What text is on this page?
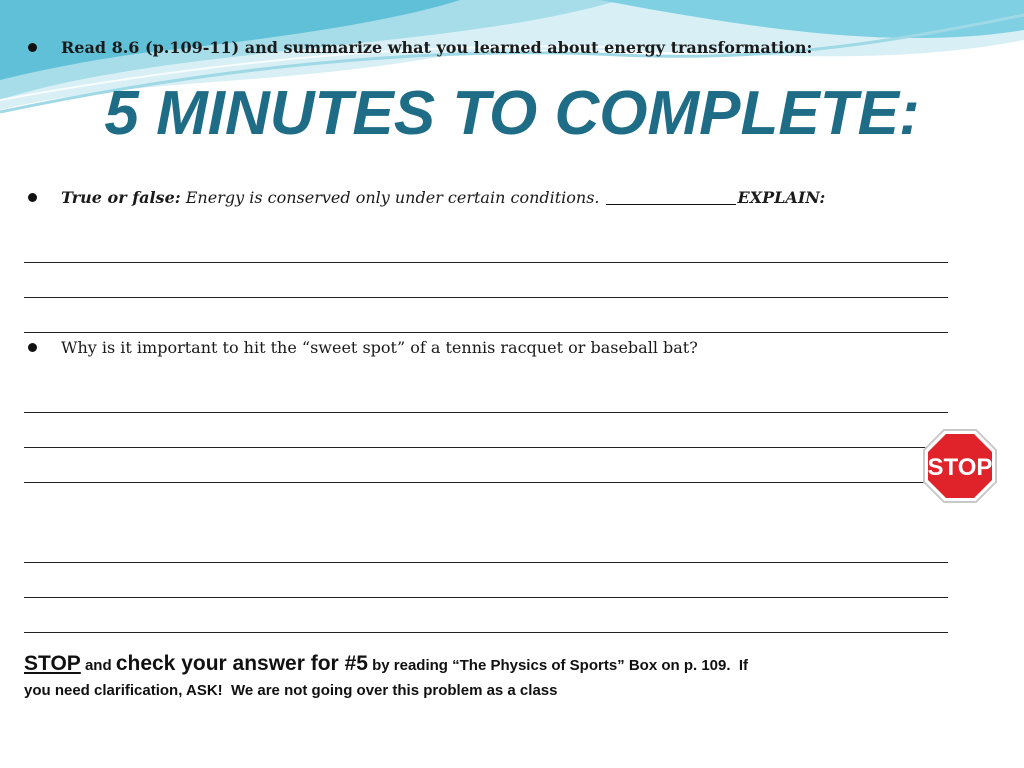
5 MINUTES TO COMPLETE:
Read 8.6 (p.109-11) and summarize what you learned about energy transformation:
True or false: Energy is conserved only under certain conditions.	EXPLAIN:
STOP
Why is it important to hit the “sweet spot” of a tennis racquet or baseball bat?
STOP and check your answer for #5 by reading “The Physics of Sports” Box on p. 109.  If
you need clarification, ASK!  We are not going over this problem as a class
